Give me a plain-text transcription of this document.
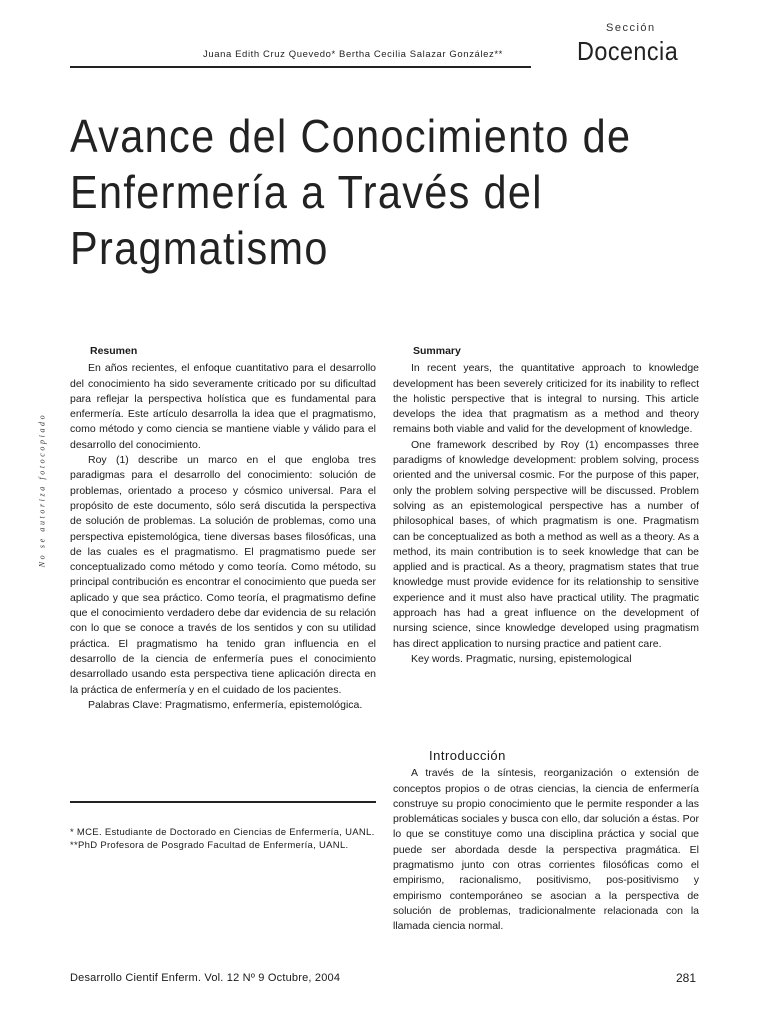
Sección
Docencia
Juana Edith Cruz Quevedo* Bertha Cecilia Salazar González**
Avance del Conocimiento de
Enfermería a Través del
Pragmatismo
No se autoriza fotocopiado
Resumen

En años recientes, el enfoque cuantitativo para el desarrollo del conocimiento ha sido severamente criticado por su dificultad para reflejar la perspectiva holística que es fundamental para enfermería. Este artículo desarrolla la idea que el pragmatismo, como método y como ciencia se mantiene viable y válido para el desarrollo del conocimiento.

Roy (1) describe un marco en el que engloba tres paradigmas para el desarrollo del conocimiento: solución de problemas, orientado a proceso y cósmico universal. Para el propósito de este documento, sólo será discutida la perspectiva de solución de problemas. La solución de problemas, como una perspectiva epistemológica, tiene diversas bases filosóficas, una de las cuales es el pragmatismo. El pragmatismo puede ser conceptualizado como método y como teoría. Como método, su principal contribución es encontrar el conocimiento que pueda ser aplicado y que sea práctico. Como teoría, el pragmatismo define que el conocimiento verdadero debe dar evidencia de su relación con lo que se conoce a través de los sentidos y con su utilidad práctica. El pragmatismo ha tenido gran influencia en el desarrollo de la ciencia de enfermería pues el conocimiento desarrollado usando esta perspectiva tiene aplicación directa en la práctica de enfermería y en el cuidado de los pacientes.

Palabras Clave: Pragmatismo, enfermería, epistemológica.

Summary

In recent years, the quantitative approach to knowledge development has been severely criticized for its inability to reflect the holistic perspective that is integral to nursing. This article develops the idea that pragmatism as a method and theory remains both viable and valid for the development of knowledge.

One framework described by Roy (1) encompasses three paradigms of knowledge development: problem solving, process oriented and the universal cosmic. For the purpose of this paper, only the problem solving perspective will be discussed. Problem solving as an epistemological perspective has a number of philosophical bases, of which pragmatism is one. Pragmatism can be conceptualized as both a method as well as a theory. As a method, its main contribution is to seek knowledge that can be applied and is practical. As a theory, pragmatism states that true knowledge must provide evidence for its relationship to sensitive experience and it must also have practical utility. The pragmatic approach has had a great influence on the development of nursing science, since knowledge developed using pragmatism has direct application to nursing practice and patient care.

Key words. Pragmatic, nursing, epistemological

Introducción

A través de la síntesis, reorganización o extensión de conceptos propios o de otras ciencias, la ciencia de enfermería construye su propio conocimiento que le permite responder a las problemáticas sociales y busca con ello, dar solución a éstas. Por lo que se constituye como una disciplina práctica y social que puede ser abordada desde la perspectiva pragmática. El pragmatismo junto con otras corrientes filosóficas como el empirismo, racionalismo, positivismo, pos-positivismo y empirismo contemporáneo se asocian a la perspectiva de solución de problemas, tradicionalmente relacionada con la llamada ciencia normal.

* MCE. Estudiante de Doctorado en Ciencias de Enfermería, UANL.

**PhD Profesora de Posgrado Facultad de Enfermería, UANL.

Desarrollo Cientif Enferm. Vol. 12 Nº 9 Octubre, 2004	281
